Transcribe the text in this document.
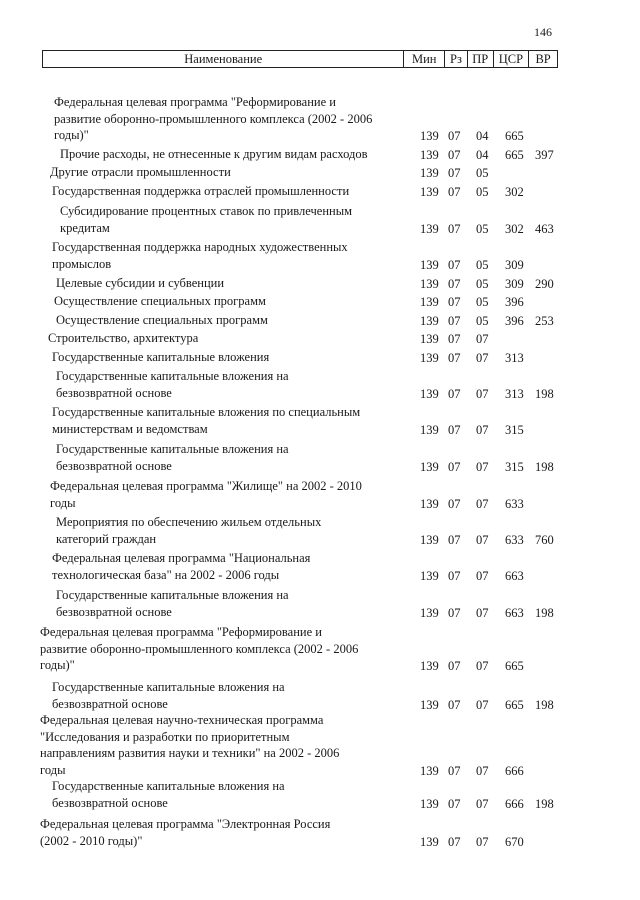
146
Наименование	Мин	Рз ПР ЦСР ВР
Федеральная целевая программа "Реформирование и
развитие оборонно-промышленного комплекса (2002 - 2006
годы)"	139 07 04 665
Прочие расходы, не отнесенные к другим видам расходов	139 07 04 665 397
Другие отрасли промышленности	139 07 05
Государственная поддержка отраслей промышленности	139 07 05 302
Субсидирование процентных ставок по привлеченным
кредитам	139 07 05 302 463
Государственная поддержка народных художественных
промыслов	139 07 05 309
Целевые субсидии и субвенции	139 07 05 309 290
Осуществление специальных программ	139 07 05 396
Осуществление специальных программ	139 07 05 396 253
Строительство, архитектура	139 07 07
Государственные капитальные вложения	139 07 07 313
Государственные капитальные вложения на
безвозвратной основе	139 07 07 313 198
Государственные капитальные вложения по специальным
министерствам и ведомствам	139 07 07 315
Государственные капитальные вложения на
безвозвратной основе	139 07 07 315 198
Федеральная целевая программа "Жилище" на 2002 - 2010
годы	139 07 07 633
Мероприятия по обеспечению жильем отдельных
категорий граждан	139 07 07 633 760
Федеральная целевая программа "Национальная
технологическая база" на 2002 - 2006 годы	139 07 07 663
Государственные капитальные вложения на
безвозвратной основе	139 07 07 663 198
Федеральная целевая программа "Реформирование и
развитие оборонно-промышленного комплекса (2002 - 2006
годы)"	139 07 07 665
Государственные капитальные вложения на
безвозвратной основе	139 07 07 665 198
Федеральная целевая научно-техническая программа
"Исследования и разработки по приоритетным
направлениям развития науки и техники" на 2002 - 2006
годы	139 07 07 666
Государственные капитальные вложения на
безвозвратной основе	139 07 07 666 198
Федеральная целевая программа "Электронная Россия
(2002 - 2010 годы)"	139 07 07 670
